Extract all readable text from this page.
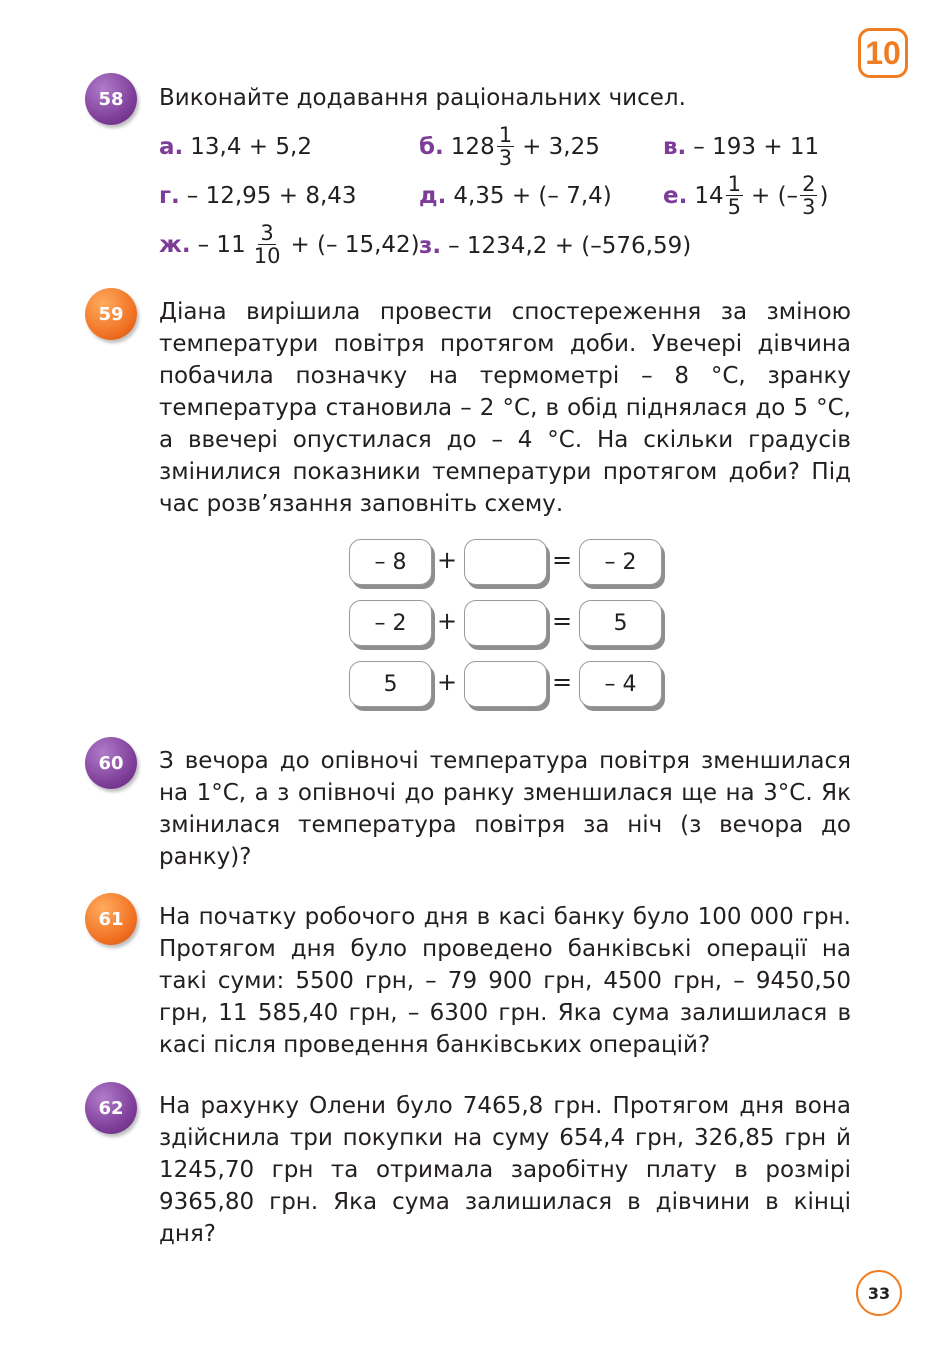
10
58	Виконайте додавання раціональних чисел.
а. 13,4 + 5,2	б. $128 \frac{1}{3} + 3,25$	в. – 193 + 11
г. – 12,95 + 8,43	д. 4,35 + (– 7,4) е. $14 \frac{1}{5}$ + (– $\frac{2}{3}$ )
ж. – $11 \frac{3}{10}$ + (– 15,42) з. – 1234,2 + (–576,59)
59	Діана вирішила провести спостереження за зміною температури повітря протягом доби. Увечері дівчина побачила позначку на термометрі – 8 °С, зранку температура становила – 2 °С, в обід піднялася до 5 °С, а ввечері опустилася до – 4 °С. На скільки градусів змінилися показники температури протягом доби? Під час розв’язання заповніть схему.
– 8	+	=	– 2
– 2	+	=	5
5	+	=	– 4
60	З вечора до опівночі температура повітря зменшилася на 1°С, а з опівночі до ранку зменшилася ще на 3°С. Як змінилася температура повітря за ніч (з вечора до ранку)?
61	На початку робочого дня в касі банку було 100 000 грн. Протягом дня було проведено банківські операції на такі суми: 5500 грн, – 79 900 грн, 4500 грн, – 9450,50 грн, 11 585,40 грн, – 6300 грн. Яка сума залишилася в касі після проведення банківських операцій?
62	На рахунку Олени було 7465,8 грн. Протягом дня вона здійснила три покупки на суму 654,4 грн, 326,85 грн й 1245,70 грн та отримала заробітну плату в розмірі 9365,80 грн. Яка сума залишилася в дівчини в кінці дня?
33
